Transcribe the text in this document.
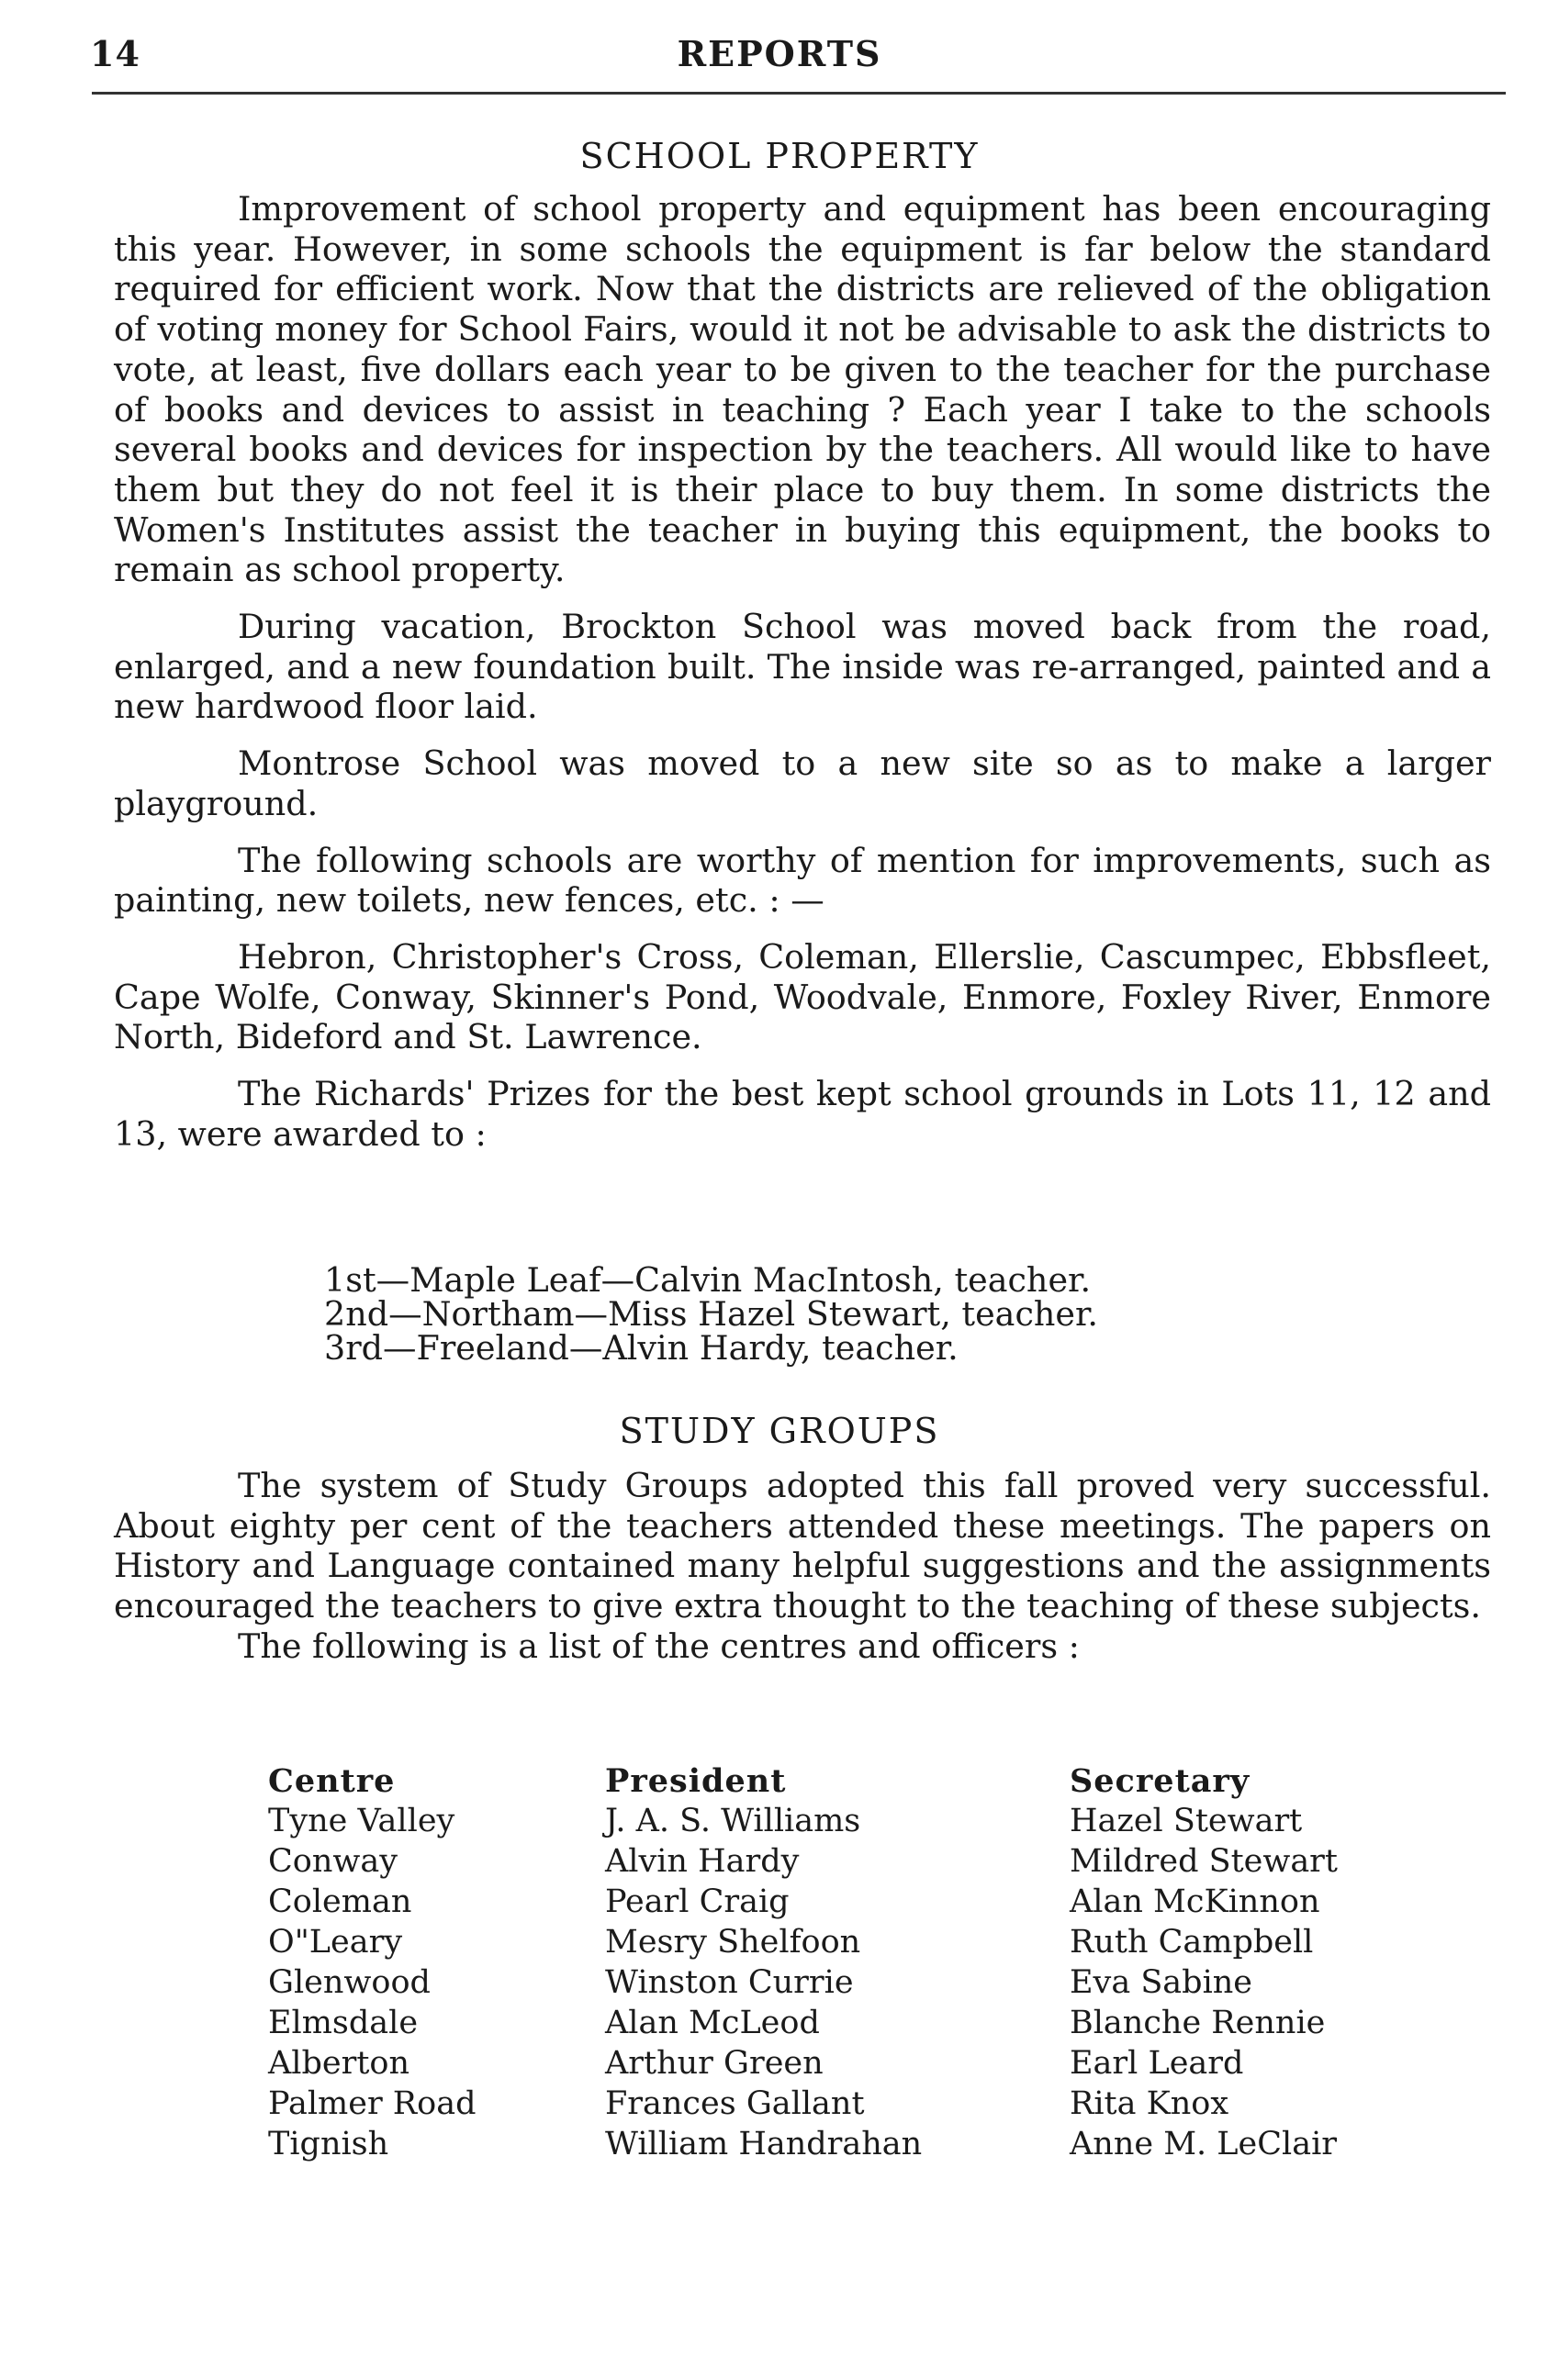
14	REPORTS
SCHOOL PROPERTY

Improvement of school property and equipment has been encouraging this year. However, in some schools the equipment is far below the standard required for efficient work. Now that the districts are relieved of the obligation of voting money for School Fairs, would it not be advisable to ask the districts to vote, at least, five dollars each year to be given to the teacher for the purchase of books and devices to assist in teaching ? Each year I take to the schools several books and devices for inspection by the teachers. All would like to have them but they do not feel it is their place to buy them. In some districts the Women's Institutes assist the teacher in buying this equipment, the books to remain as school property.

During vacation, Brockton School was moved back from the road, enlarged, and a new foundation built. The inside was re-arranged, painted and a new hardwood floor laid.

Montrose School was moved to a new site so as to make a larger playground.

The following schools are worthy of mention for improvements, such as painting, new toilets, new fences, etc. : —

Hebron, Christopher's Cross, Coleman, Ellerslie, Cascumpec, Ebbsfleet, Cape Wolfe, Conway, Skinner's Pond, Woodvale, Enmore, Foxley River, Enmore North, Bideford and St. Lawrence.

The Richards' Prizes for the best kept school grounds in Lots 11, 12 and 13, were awarded to :

1st—Maple Leaf—Calvin MacIntosh, teacher.
2nd—Northam—Miss Hazel Stewart, teacher.
3rd—Freeland—Alvin Hardy, teacher.
STUDY GROUPS

The system of Study Groups adopted this fall proved very successful. About eighty per cent of the teachers attended these meetings. The papers on History and Language contained many helpful suggestions and the assignments encouraged the teachers to give extra thought to the teaching of these subjects.

The following is a list of the centres and officers :

Centre	President	Secretary
Tyne Valley	J. A. S. Williams	Hazel Stewart
Conway	Alvin Hardy	Mildred Stewart
Coleman	Pearl Craig	Alan McKinnon
O"Leary	Mesry Shelfoon	Ruth Campbell
Glenwood	Winston Currie	Eva Sabine
Elmsdale	Alan McLeod	Blanche Rennie
Alberton	Arthur Green	Earl Leard
Palmer Road	Frances Gallant	Rita Knox
Tignish	William Handrahan	Anne M. LeClair
